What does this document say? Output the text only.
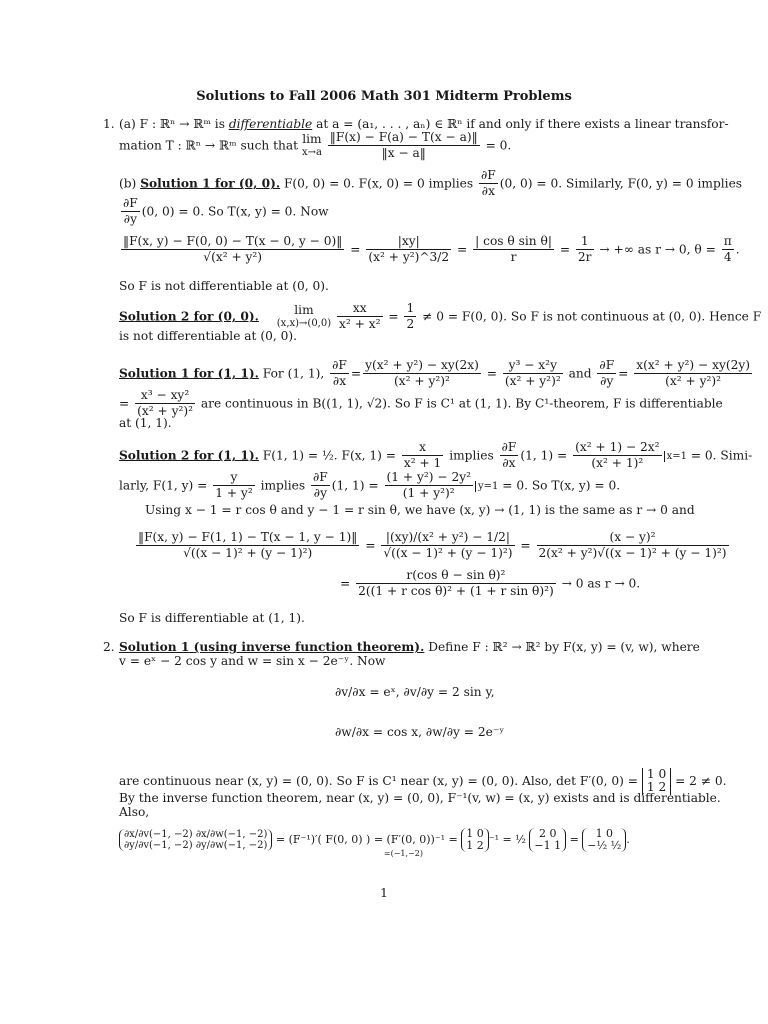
Solutions to Fall 2006 Math 301 Midterm Problems
1. (a) F : ℝⁿ → ℝᵐ is differentiable at a = (a₁, . . . , aₙ) ∈ ℝⁿ if and only if there exists a linear transfor-
mation T : ℝⁿ → ℝᵐ such that lim
x→a
$\frac{‖F(x) - F(a) - T(x - a)‖}{‖x - a‖} = 0$.
(b) Solution 1 for (0, 0). F(0, 0) = 0. F(x, 0) = 0 implies $\frac{\partial F}{\partial x} (0$, 0) = 0. Similarly, F(0, y) = 0 implies
$\frac{\partial F}{\partial y} (0$, 0) = 0. So T(x, y) = 0. Now
$\frac{‖F(x, y) - F(0, 0) - T(x - 0, y - 0)‖}{\text{√(x² + y²)}} = \frac{|xy|}{\text{(x² + y²)\textasciicircum{}3/2}} = \frac{\text{| cos θ sin θ|}}{r} = \frac{1}{2r}$ → +∞ as r → 0, $\theta = \frac{\pi}{4}$ .
So F is not differentiable at (0, 0).
Solution 2 for (0, 0).	lim
(x,x)→(0,0)
$\frac{xx}{\text{x² + x²}} = \frac{1}{2} \ne 0 = F(0$, 0). So F is not continuous at (0, 0). Hence F
is not differentiable at (0, 0).
Solution 1 for (1, 1). For (1, 1), $\frac{\partial F}{\partial x} = \frac{\text{y(x² + y²) − xy(2x)}}{\text{(x² + y²)²}} = \frac{\text{y³ − x²y}}{\text{(x² + y²)²}}$ and $\frac{\partial F}{\partial y} = \frac{\text{x(x² + y²) − xy(2y)}}{\text{(x² + y²)²}}$
= $\frac{\text{x³ − xy²}}{\text{(x² + y²)²}}$ are continuous in B((1, 1), √2). So F is C¹ at (1, 1). By C¹-theorem, F is differentiable
at (1, 1).
Solution 2 for (1, 1). F(1, 1) = ½. F(x, $1) = \frac{x}{\text{x² + 1}}$ implies $\frac{\partial F}{\partial x} (1$, $1) = \frac{\text{(x² + 1) − 2x²}}{\text{(x² + 1)²}} x=1 = 0$. Simi-
larly, F(1, $y) = \frac{y}{\text{1 + y²}}$ implies $\frac{\partial F}{\partial y} (1$, $1) = \frac{\text{(1 + y²) − 2y²}}{\text{(1 + y²)²}} y=1 = 0$. So T(x, y) = 0.
Using x − 1 = r cos θ and y − 1 = r sin θ, we have (x, y) → (1, 1) is the same as r → 0 and
$\frac{‖F(x, y) - F(1, 1) - T(x - 1, y - 1)‖}{\text{√((x − 1)² + (y − 1)²)}} = \frac{\text{|(xy)/(x² + y²) − 1/2|}}{\text{√((x − 1)² + (y − 1)²)}} = \frac{\text{(x − y)²}}{\text{2(x² + y²)√((x − 1)² + (y − 1)²)}}$
= $\frac{\text{r(cos θ − sin θ)²}}{\text{2((1 + r cos θ)² + (1 + r sin θ)²)}} \to 0$ as r → 0.
So F is differentiable at (1, 1).
2. Solution 1 (using inverse function theorem). Define F : ℝ² → ℝ² by F(x, y) = (v, w), where
v = eˣ − 2 cos y and w = sin x − 2e⁻ʸ. Now
∂v/∂x = eˣ, ∂v/∂y = 2 sin y,
∂w/∂x = cos x, ∂w/∂y = 2e⁻ʸ
are continuous near (x, y) = (0, 0). So F is C¹ near (x, y) = (0, 0). Also, det F′(0, 0) = 1 0
1 2 = 2 ≠ 0.
By the inverse function theorem, near (x, y) = (0, 0), F⁻¹(v, w) = (x, y) exists and is differentiable.
Also,
∂x/∂v(−1, −2) ∂x/∂w(−1, −2)
∂y/∂v(−1, −2) ∂y/∂w(−1, −2) = (F⁻¹)′( F(0, 0) ) = (F′(0, 0))⁻¹ =
=(−1,−2)
1 0
1 2 ⁻¹ = ½	2 0
−1 1 =	1 0
−½ ½ .
1
